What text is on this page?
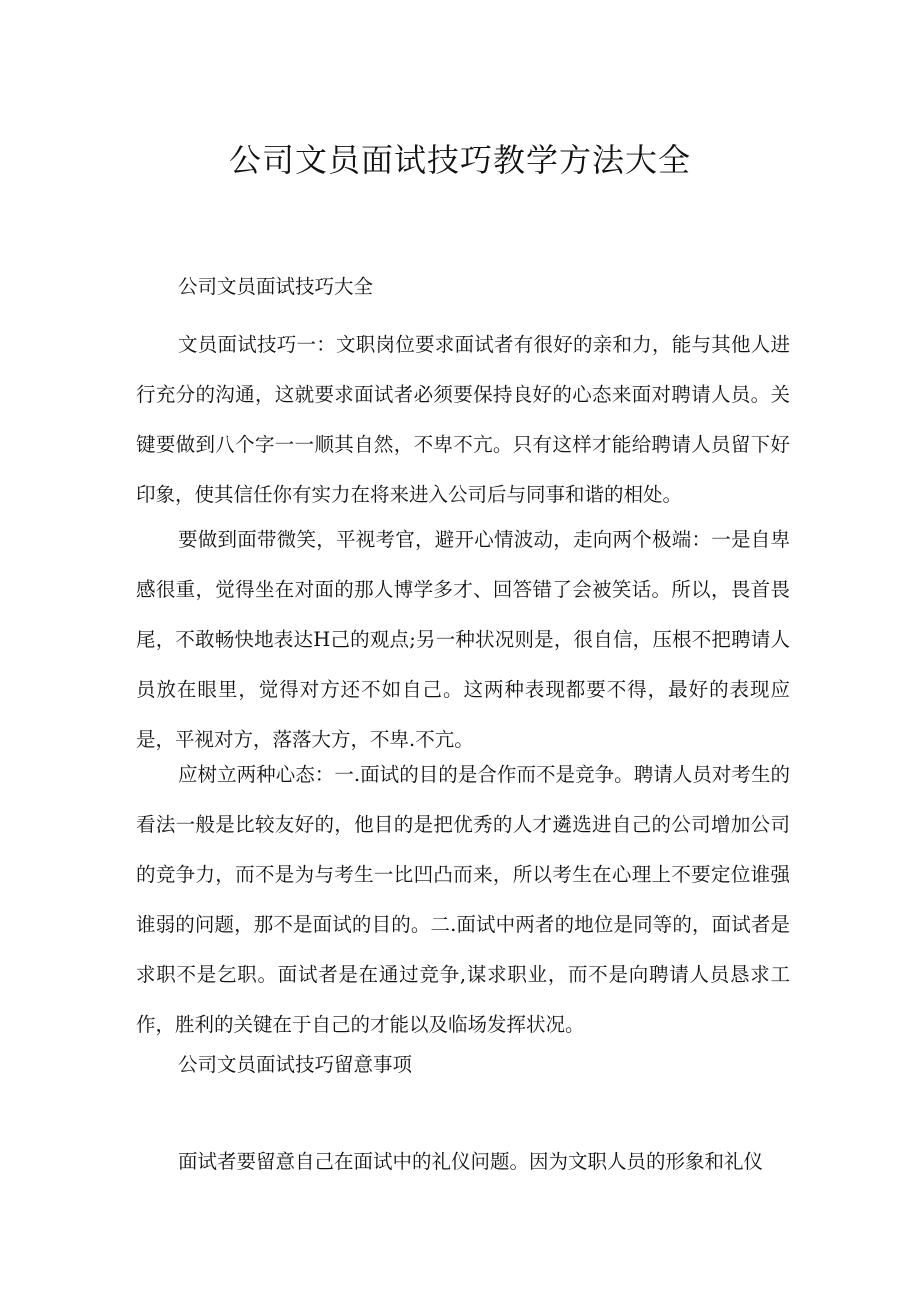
公司文员面试技巧教学方法大全

公司文员面试技巧大全

文员面试技巧一：文职岗位要求面试者有很好的亲和力，能与其他人进行充分的沟通，这就要求面试者必须要保持良好的心态来面对聘请人员。关键要做到八个字一一顺其自然，不卑不亢。只有这样才能给聘请人员留下好印象，使其信任你有实力在将来进入公司后与同事和谐的相处。

要做到面带微笑，平视考官，避开心情波动，走向两个极端：一是自卑感很重，觉得坐在对面的那人博学多才、回答错了会被笑话。所以，畏首畏尾，不敢畅快地表达H己的观点;另一种状况则是，很自信，压根不把聘请人员放在眼里，觉得对方还不如自己。这两种表现都要不得，最好的表现应是，平视对方，落落大方，不卑.不亢。

应树立两种心态：一.面试的目的是合作而不是竞争。聘请人员对考生的看法一般是比较友好的，他目的是把优秀的人才遴选进自己的公司增加公司的竞争力，而不是为与考生一比凹凸而来，所以考生在心理上不要定位谁强谁弱的问题，那不是面试的目的。二.面试中两者的地位是同等的，面试者是求职不是乞职。面试者是在通过竞争,谋求职业，而不是向聘请人员恳求工作，胜利的关键在于自己的才能以及临场发挥状况。

公司文员面试技巧留意事项

面试者要留意自己在面试中的礼仪问题。因为文职人员的形象和礼仪
